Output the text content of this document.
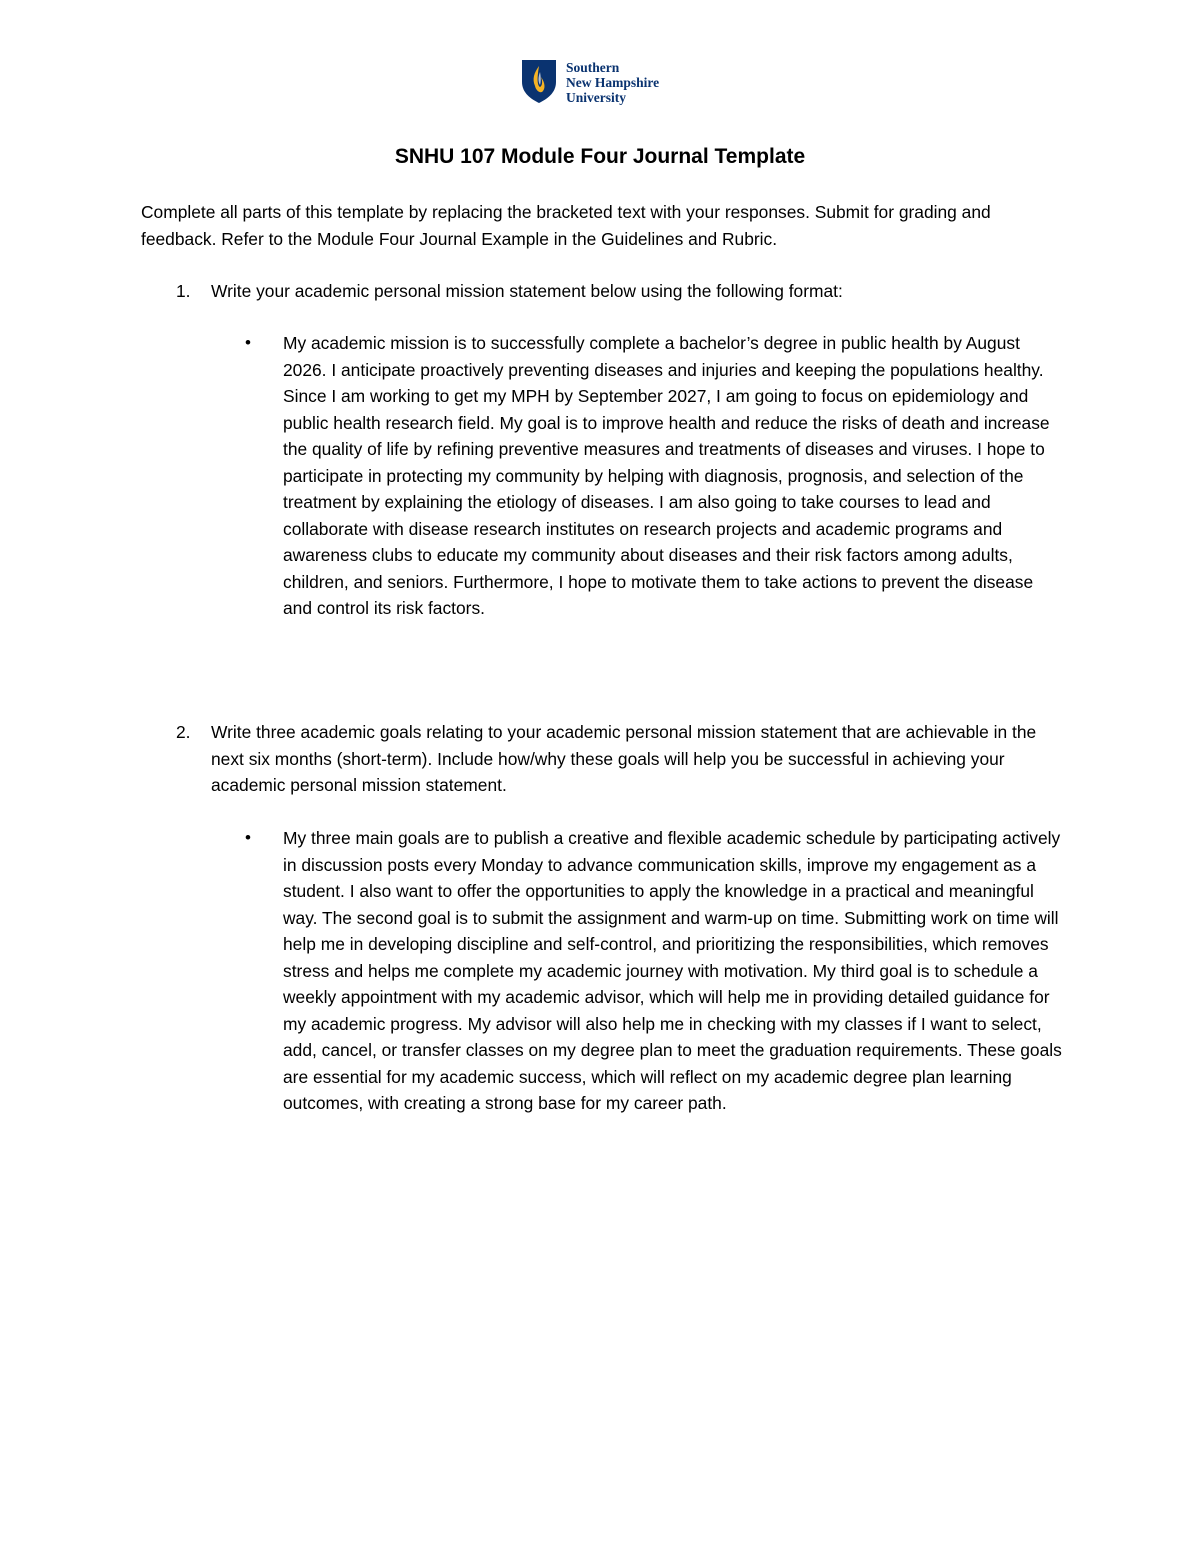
Southern
New Hampshire
University
SNHU 107 Module Four Journal Template
Complete all parts of this template by replacing the bracketed text with your responses. Submit for grading and feedback. Refer to the Module Four Journal Example in the Guidelines and Rubric.
1. Write your academic personal mission statement below using the following format:
• My academic mission is to successfully complete a bachelor’s degree in public health by August 2026. I anticipate proactively preventing diseases and injuries and keeping the populations healthy. Since I am working to get my MPH by September 2027, I am going to focus on epidemiology and public health research field. My goal is to improve health and reduce the risks of death and increase the quality of life by refining preventive measures and treatments of diseases and viruses. I hope to participate in protecting my community by helping with diagnosis, prognosis, and selection of the treatment by explaining the etiology of diseases. I am also going to take courses to lead and collaborate with disease research institutes on research projects and academic programs and awareness clubs to educate my community about diseases and their risk factors among adults, children, and seniors. Furthermore, I hope to motivate them to take actions to prevent the disease and control its risk factors.
2. Write three academic goals relating to your academic personal mission statement that are achievable in the next six months (short-term). Include how/why these goals will help you be successful in achieving your academic personal mission statement.
• My three main goals are to publish a creative and flexible academic schedule by participating actively in discussion posts every Monday to advance communication skills, improve my engagement as a student. I also want to offer the opportunities to apply the knowledge in a practical and meaningful way. The second goal is to submit the assignment and warm-up on time. Submitting work on time will help me in developing discipline and self-control, and prioritizing the responsibilities, which removes stress and helps me complete my academic journey with motivation. My third goal is to schedule a weekly appointment with my academic advisor, which will help me in providing detailed guidance for my academic progress. My advisor will also help me in checking with my classes if I want to select, add, cancel, or transfer classes on my degree plan to meet the graduation requirements. These goals are essential for my academic success, which will reflect on my academic degree plan learning outcomes, with creating a strong base for my career path.
